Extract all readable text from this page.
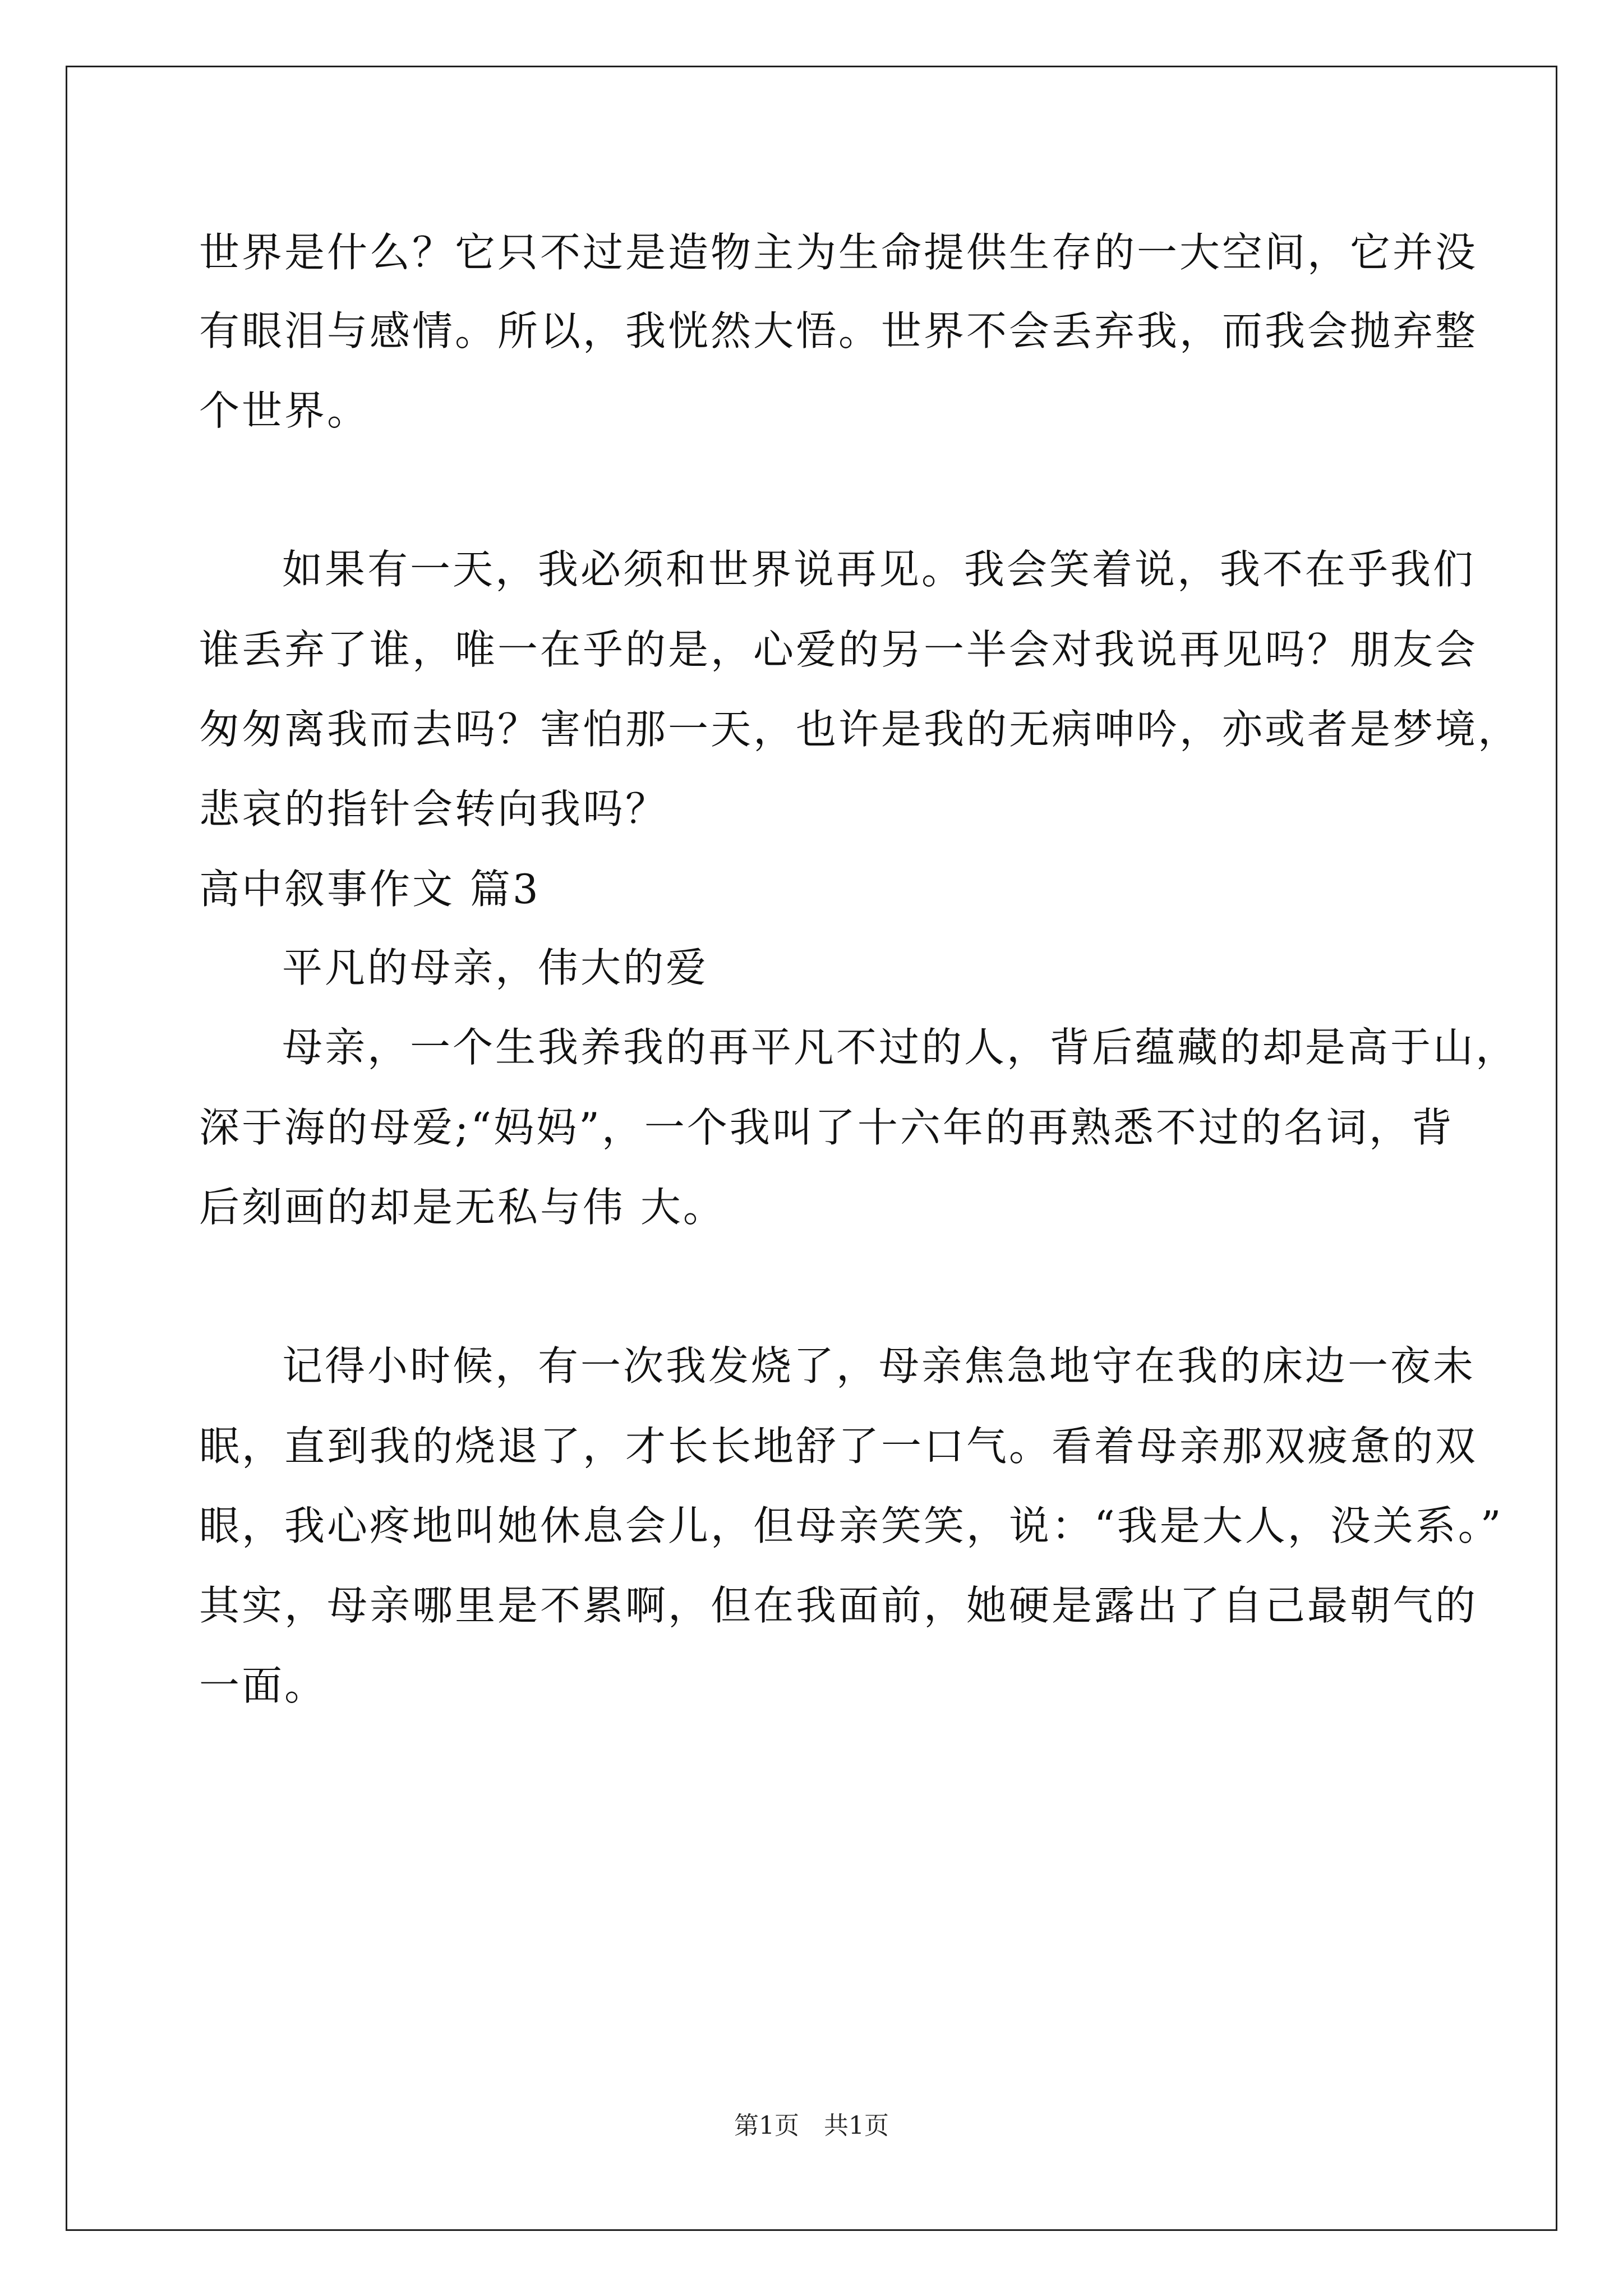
世界是什么？它只不过是造物主为生命提供生存的一大空间，它并没
有眼泪与感情。所以，我恍然大悟。世界不会丢弃我，而我会抛弃整
个世界。
如果有一天，我必须和世界说再见。我会笑着说，我不在乎我们
谁丢弃了谁，唯一在乎的是，心爱的另一半会对我说再见吗？朋友会
匆匆离我而去吗？害怕那一天，也许是我的无病呻吟，亦或者是梦境，
悲哀的指针会转向我吗？
高中叙事作文 篇3
平凡的母亲，伟大的爱
母亲，一个生我养我的再平凡不过的人，背后蕴藏的却是高于山，
深于海的母爱;“妈妈”，一个我叫了十六年的再熟悉不过的名词，背
后刻画的却是无私与伟 大。
记得小时候，有一次我发烧了，母亲焦急地守在我的床边一夜未
眠，直到我的烧退了，才长长地舒了一口气。看着母亲那双疲惫的双
眼，我心疼地叫她休息会儿，但母亲笑笑，说：“我是大人，没关系。”
其实，母亲哪里是不累啊，但在我面前，她硬是露出了自己最朝气的
一面。
第1页　共1页
